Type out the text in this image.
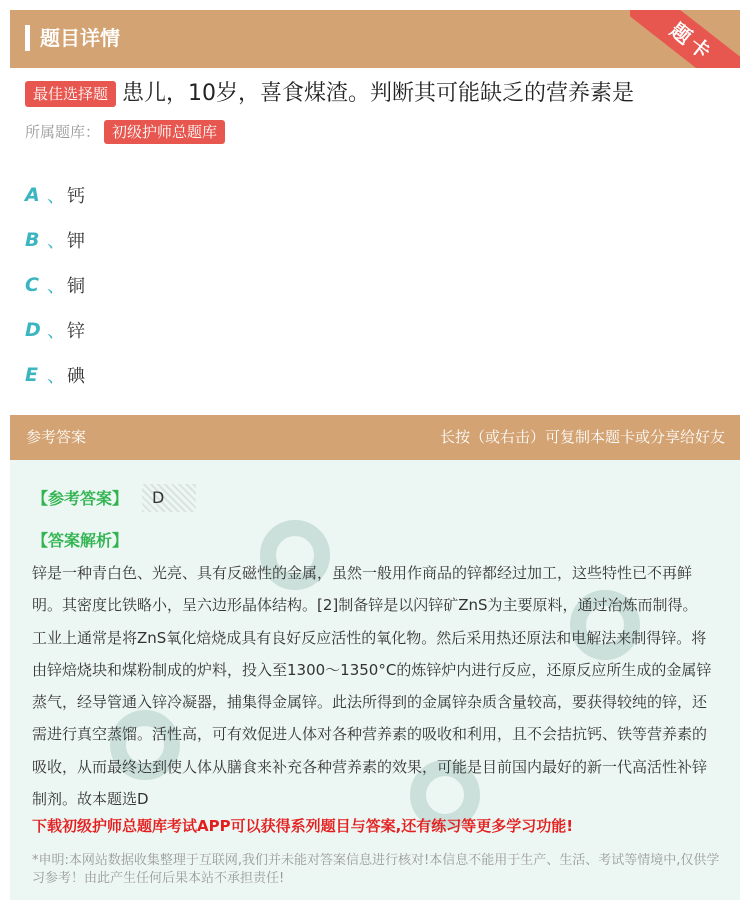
题目详情	题卡
最佳选择题 患儿，10岁，喜食煤渣。判断其可能缺乏的营养素是
所属题库： 初级护师总题库
A 、 钙
B 、 钾
C 、 铜
D 、 锌
E 、 碘
参考答案	长按（或右击）可复制本题卡或分享给好友
【参考答案】	D
【答案解析】
锌是一种青白色、光亮、具有反磁性的金属，虽然一般用作商品的锌都经过加工，这些特性已不再鲜明。其密度比铁略小，呈六边形晶体结构。[2]制备锌是以闪锌矿ZnS为主要原料，通过冶炼而制得。工业上通常是将ZnS氧化焙烧成具有良好反应活性的氧化物。然后采用热还原法和电解法来制得锌。将由锌焙烧块和煤粉制成的炉料，投入至1300～1350°C的炼锌炉内进行反应，还原反应所生成的金属锌蒸气，经导管通入锌冷凝器，捕集得金属锌。此法所得到的金属锌杂质含量较高，要获得较纯的锌，还需进行真空蒸馏。活性高，可有效促进人体对各种营养素的吸收和利用，且不会拮抗钙、铁等营养素的吸收，从而最终达到使人体从膳食来补充各种营养素的效果，可能是目前国内最好的新一代高活性补锌制剂。故本题选D
下载初级护师总题库考试APP可以获得系列题目与答案,还有练习等更多学习功能!
*申明:本网站数据收集整理于互联网,我们并未能对答案信息进行核对!本信息不能用于生产、生活、考试等情境中,仅供学习参考！由此产生任何后果本站不承担责任!
